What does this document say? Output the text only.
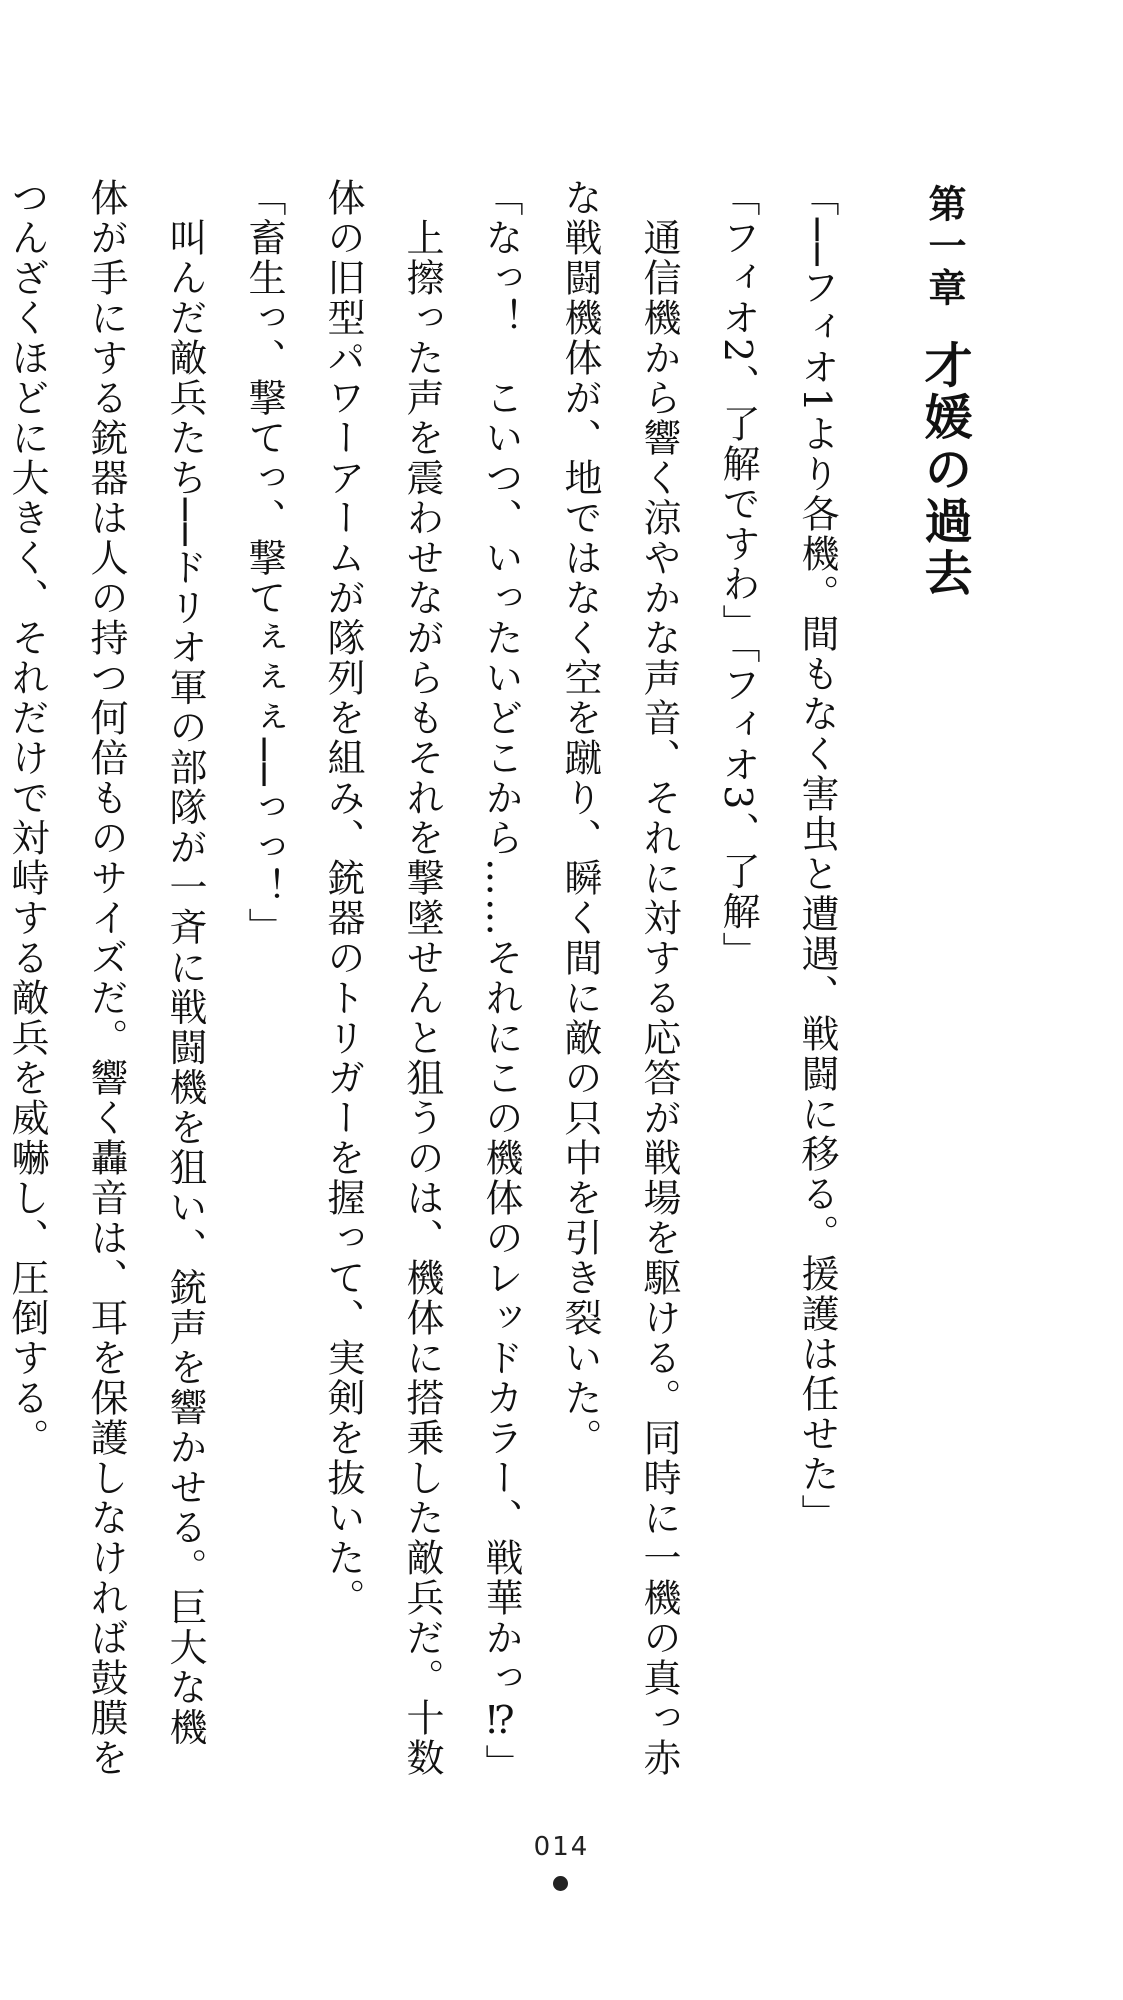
第一章才媛の過去
「──フィオ1より各機。間もなく害虫と遭遇、戦闘に移る。援護は任せた」
「フィオ2、了解ですわ」「フィオ3、了解」
　通信機から響く涼やかな声音、それに対する応答が戦場を駆ける。同時に一機の真っ赤
な戦闘機体が、地ではなく空を蹴り、瞬く間に敵の只中を引き裂いた。
「なっ！　こいつ、いったいどこから……それにこの機体のレッドカラー、戦華かっ⁉」
　上擦った声を震わせながらもそれを撃墜せんと狙うのは、機体に搭乗した敵兵だ。十数
体の旧型パワーアームが隊列を組み、銃器のトリガーを握って、実剣を抜いた。
「畜生っ、撃てっ、撃てぇぇぇ──っっ！」
　叫んだ敵兵たち──ドリオ軍の部隊が一斉に戦闘機を狙い、銃声を響かせる。巨大な機
体が手にする銃器は人の持つ何倍ものサイズだ。響く轟音は、耳を保護しなければ鼓膜を
つんざくほどに大きく、それだけで対峙する敵兵を威嚇し、圧倒する。
014
